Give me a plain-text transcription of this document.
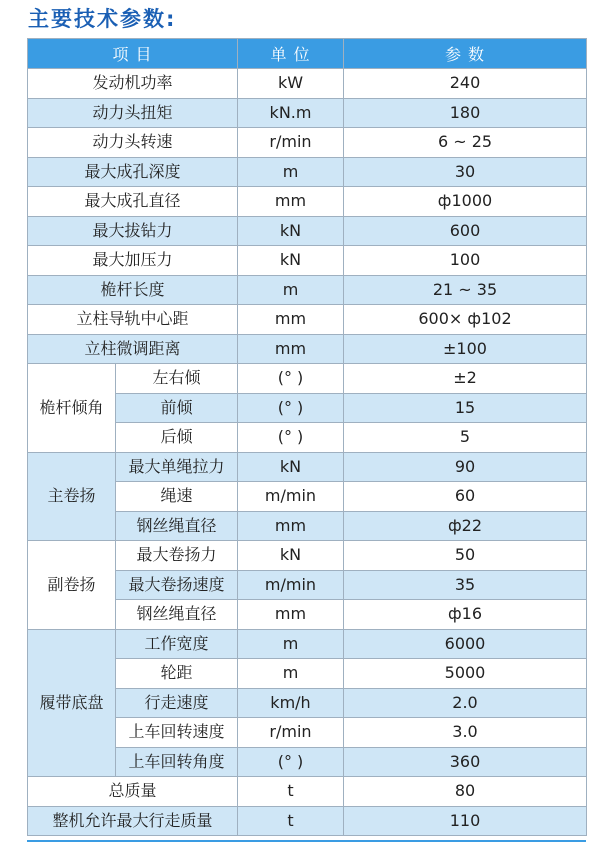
主要技术参数:
项 目		单 位	参 数
发动机功率		kW	240
动力头扭矩		kN.m	180
动力头转速		r/min	6 ~ 25
最大成孔深度		m	30
最大成孔直径		mm	ф1000
最大拔钻力		kN	600
最大加压力		kN	100
桅杆长度		m	21 ~ 35
立柱导轨中心距		mm	600× ф102
立柱微调距离		mm	±100
桅杆倾角	左右倾	(° )	±2
	前倾	(° )	15
	后倾	(° )	5
主卷扬	最大单绳拉力	kN	90
	绳速	m/min	60
	钢丝绳直径	mm	ф22
副卷扬	最大卷扬力	kN	50
	最大卷扬速度	m/min	35
	钢丝绳直径	mm	ф16
履带底盘	工作宽度	m	6000
	轮距	m	5000
	行走速度	km/h	2.0
	上车回转速度	r/min	3.0
	上车回转角度	(° )	360
总质量		t	80
整机允许最大行走质量		t	110
